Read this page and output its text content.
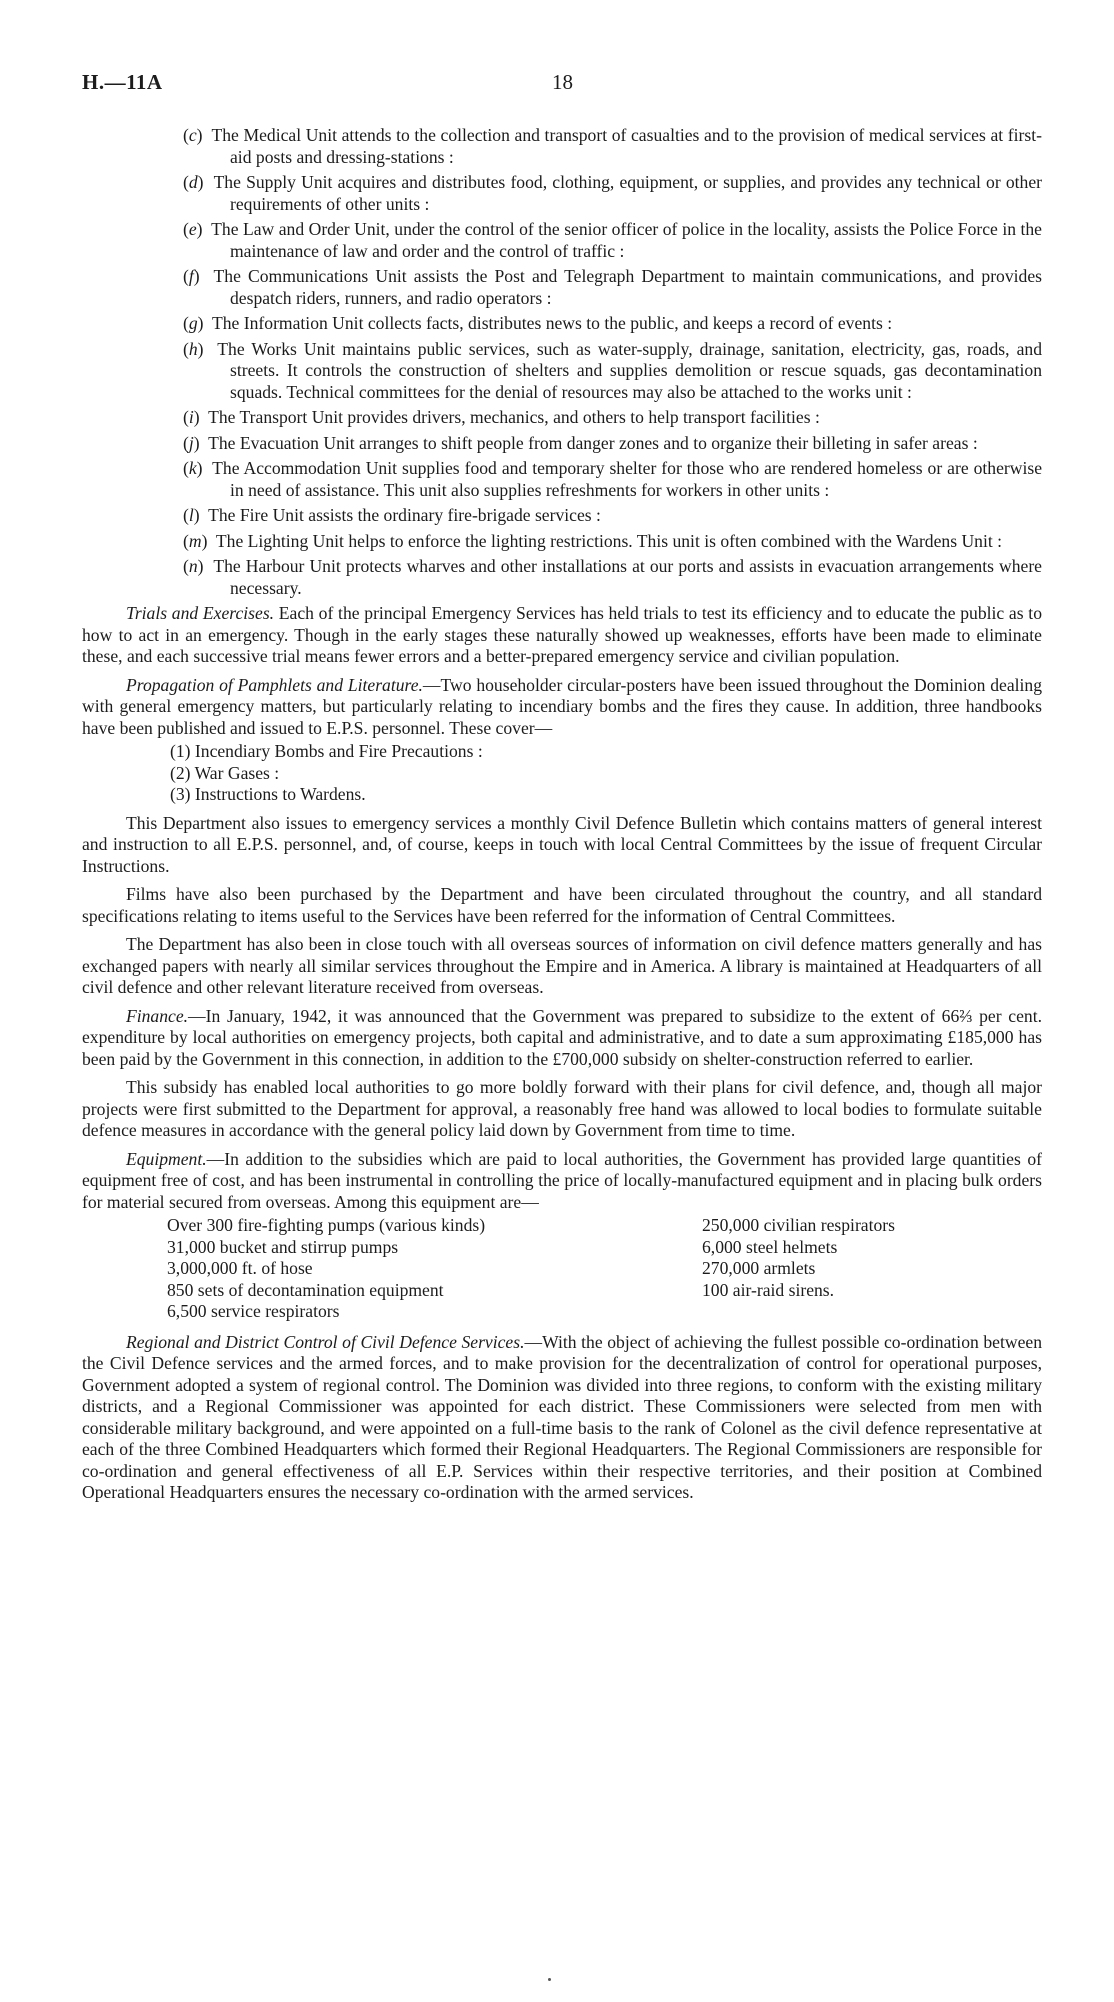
H.—11A	18
(c) The Medical Unit attends to the collection and transport of casualties and to the provision of medical services at first-aid posts and dressing-stations :
(d) The Supply Unit acquires and distributes food, clothing, equipment, or supplies, and provides any technical or other requirements of other units :
(e) The Law and Order Unit, under the control of the senior officer of police in the locality, assists the Police Force in the maintenance of law and order and the control of traffic :
(f) The Communications Unit assists the Post and Telegraph Department to maintain communications, and provides despatch riders, runners, and radio operators :
(g) The Information Unit collects facts, distributes news to the public, and keeps a record of events :
(h) The Works Unit maintains public services, such as water-supply, drainage, sanitation, electricity, gas, roads, and streets. It controls the construction of shelters and supplies demolition or rescue squads, gas decontamination squads. Technical committees for the denial of resources may also be attached to the works unit :
(i) The Transport Unit provides drivers, mechanics, and others to help transport facilities :
(j) The Evacuation Unit arranges to shift people from danger zones and to organize their billeting in safer areas :
(k) The Accommodation Unit supplies food and temporary shelter for those who are rendered homeless or are otherwise in need of assistance. This unit also supplies refreshments for workers in other units :
(l) The Fire Unit assists the ordinary fire-brigade services :
(m) The Lighting Unit helps to enforce the lighting restrictions. This unit is often combined with the Wardens Unit :
(n) The Harbour Unit protects wharves and other installations at our ports and assists in evacuation arrangements where necessary.

Trials and Exercises. Each of the principal Emergency Services has held trials to test its efficiency and to educate the public as to how to act in an emergency. Though in the early stages these naturally showed up weaknesses, efforts have been made to eliminate these, and each successive trial means fewer errors and a better-prepared emergency service and civilian population.

Propagation of Pamphlets and Literature.—Two householder circular-posters have been issued throughout the Dominion dealing with general emergency matters, but particularly relating to incendiary bombs and the fires they cause. In addition, three handbooks have been published and issued to E.P.S. personnel. These cover—

(1) Incendiary Bombs and Fire Precautions :
(2) War Gases :
(3) Instructions to Wardens.

This Department also issues to emergency services a monthly Civil Defence Bulletin which contains matters of general interest and instruction to all E.P.S. personnel, and, of course, keeps in touch with local Central Committees by the issue of frequent Circular Instructions.

Films have also been purchased by the Department and have been circulated throughout the country, and all standard specifications relating to items useful to the Services have been referred for the information of Central Committees.

The Department has also been in close touch with all overseas sources of information on civil defence matters generally and has exchanged papers with nearly all similar services throughout the Empire and in America. A library is maintained at Headquarters of all civil defence and other relevant literature received from overseas.

Finance.—In January, 1942, it was announced that the Government was prepared to subsidize to the extent of 66⅔ per cent. expenditure by local authorities on emergency projects, both capital and administrative, and to date a sum approximating £185,000 has been paid by the Government in this connection, in addition to the £700,000 subsidy on shelter-construction referred to earlier.

This subsidy has enabled local authorities to go more boldly forward with their plans for civil defence, and, though all major projects were first submitted to the Department for approval, a reasonably free hand was allowed to local bodies to formulate suitable defence measures in accordance with the general policy laid down by Government from time to time.

Equipment.—In addition to the subsidies which are paid to local authorities, the Government has provided large quantities of equipment free of cost, and has been instrumental in controlling the price of locally-manufactured equipment and in placing bulk orders for material secured from overseas. Among this equipment are—

Over 300 fire-fighting pumps (various kinds)
31,000 bucket and stirrup pumps
3,000,000 ft. of hose
850 sets of decontamination equipment
6,500 service respirators
250,000 civilian respirators
6,000 steel helmets
270,000 armlets
100 air-raid sirens.

Regional and District Control of Civil Defence Services.—With the object of achieving the fullest possible co-ordination between the Civil Defence services and the armed forces, and to make provision for the decentralization of control for operational purposes, Government adopted a system of regional control. The Dominion was divided into three regions, to conform with the existing military districts, and a Regional Commissioner was appointed for each district. These Commissioners were selected from men with considerable military background, and were appointed on a full-time basis to the rank of Colonel as the civil defence representative at each of the three Combined Headquarters which formed their Regional Headquarters. The Regional Commissioners are responsible for co-ordination and general effectiveness of all E.P. Services within their respective territories, and their position at Combined Operational Headquarters ensures the necessary co-ordination with the armed services.
